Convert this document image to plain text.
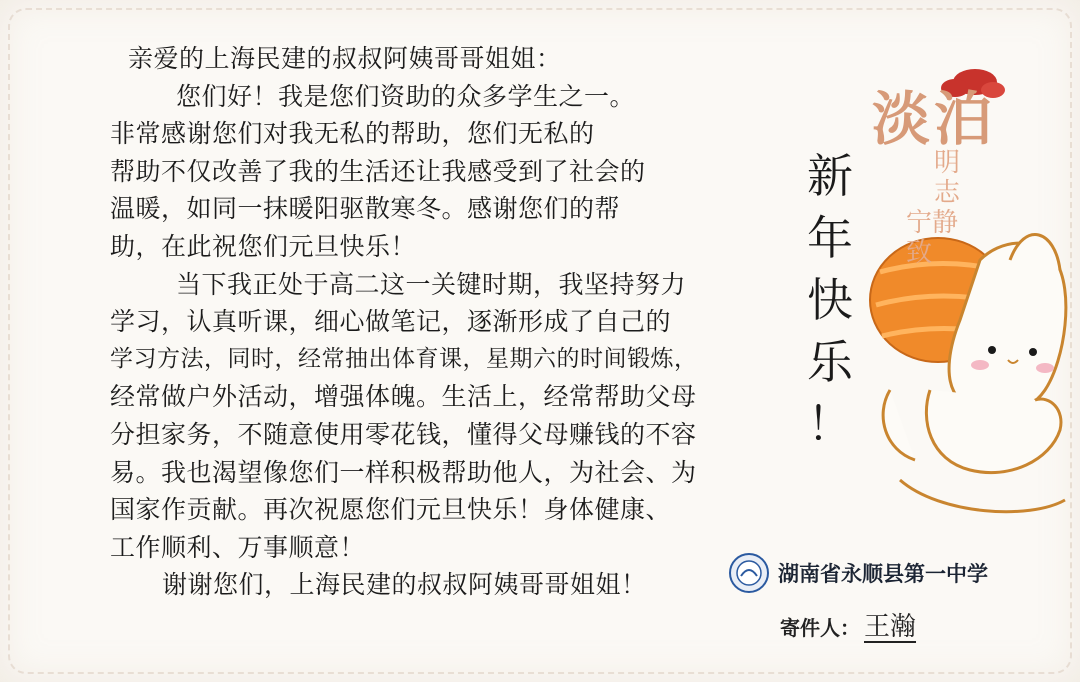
亲爱的上海民建的叔叔阿姨哥哥姐姐：
您们好！我是您们资助的众多学生之一。
非常感谢您们对我无私的帮助，您们无私的
帮助不仅改善了我的生活还让我感受到了社会的
温暖，如同一抹暖阳驱散寒冬。感谢您们的帮
助，在此祝您们元旦快乐！
当下我正处于高二这一关键时期，我坚持努力
学习，认真听课，细心做笔记，逐渐形成了自己的
学习方法，同时，经常抽出体育课，星期六的时间锻炼，
经常做户外活动，增强体魄。生活上，经常帮助父母
分担家务，不随意使用零花钱，懂得父母赚钱的不容
易。我也渴望像您们一样积极帮助他人，为社会、为
国家作贡献。再次祝愿您们元旦快乐！身体健康、
工作顺利、万事顺意！
谢谢您们，上海民建的叔叔阿姨哥哥姐姐！
新
年
快
乐
！
淡泊
明志
宁静致
湖南省永顺县第一中学
寄件人： 王瀚
